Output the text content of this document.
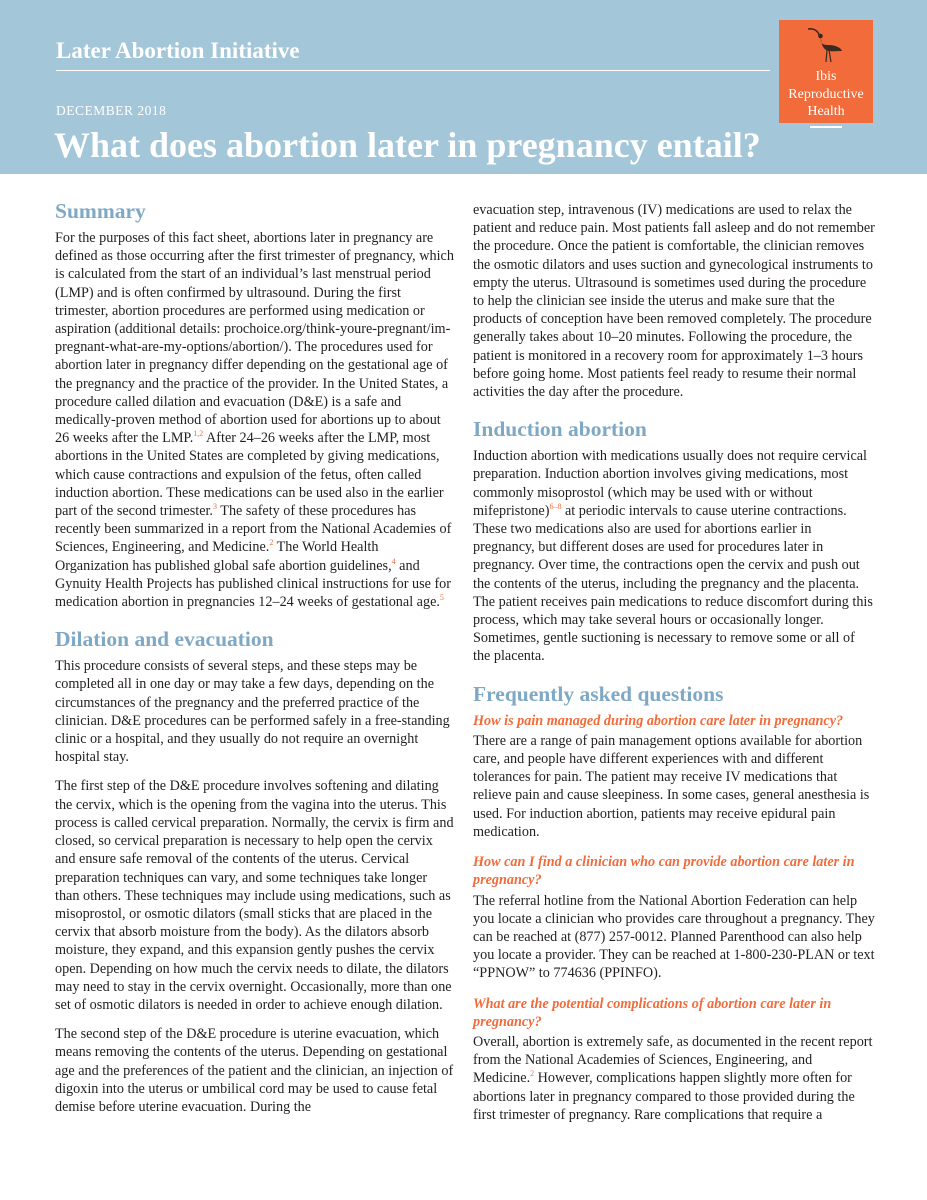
Later Abortion Initiative
DECEMBER 2018
What does abortion later in pregnancy entail?
Ibis
Reproductive
Health
Summary

For the purposes of this fact sheet, abortions later in pregnancy are defined as those occurring after the first trimester of pregnancy, which is calculated from the start of an individual’s last menstrual period (LMP) and is often confirmed by ultrasound. During the first trimester, abortion procedures are performed using medication or aspiration (additional details: prochoice.org/think-youre-pregnant/im-pregnant-what-are-my-options/abortion/). The procedures used for abortion later in pregnancy differ depending on the gestational age of the pregnancy and the practice of the provider. In the United States, a procedure called dilation and evacuation (D&E) is a safe and medically-proven method of abortion used for abortions up to about 26 weeks after the LMP.$^{1,2}$ After 24–26 weeks after the LMP, most abortions in the United States are completed by giving medications, which cause contractions and expulsion of the fetus, often called induction abortion. These medications can be used also in the earlier part of the second trimester.$^3$ The safety of these procedures has recently been summarized in a report from the National Academies of Sciences, Engineering, and Medicine.$^2$ The World Health Organization has published global safe abortion guidelines,$^4$ and Gynuity Health Projects has published clinical instructions for use for medication abortion in pregnancies 12–24 weeks of gestational age.$^5$

Dilation and evacuation

This procedure consists of several steps, and these steps may be completed all in one day or may take a few days, depending on the circumstances of the pregnancy and the preferred practice of the clinician. D&E procedures can be performed safely in a free-standing clinic or a hospital, and they usually do not require an overnight hospital stay.

The first step of the D&E procedure involves softening and dilating the cervix, which is the opening from the vagina into the uterus. This process is called cervical preparation. Normally, the cervix is firm and closed, so cervical preparation is necessary to help open the cervix and ensure safe removal of the contents of the uterus. Cervical preparation techniques can vary, and some techniques take longer than others. These techniques may include using medications, such as misoprostol, or osmotic dilators (small sticks that are placed in the cervix that absorb moisture from the body). As the dilators absorb moisture, they expand, and this expansion gently pushes the cervix open. Depending on how much the cervix needs to dilate, the dilators may need to stay in the cervix overnight. Occasionally, more than one set of osmotic dilators is needed in order to achieve enough dilation.

The second step of the D&E procedure is uterine evacuation, which means removing the contents of the uterus. Depending on gestational age and the preferences of the patient and the clinician, an injection of digoxin into the uterus or umbilical cord may be used to cause fetal demise before uterine evacuation. During the

evacuation step, intravenous (IV) medications are used to relax the patient and reduce pain. Most patients fall asleep and do not remember the procedure. Once the patient is comfortable, the clinician removes the osmotic dilators and uses suction and gynecological instruments to empty the uterus. Ultrasound is sometimes used during the procedure to help the clinician see inside the uterus and make sure that the products of conception have been removed completely. The procedure generally takes about 10–20 minutes. Following the procedure, the patient is monitored in a recovery room for approximately 1–3 hours before going home. Most patients feel ready to resume their normal activities the day after the procedure.

Induction abortion

Induction abortion with medications usually does not require cervical preparation. Induction abortion involves giving medications, most commonly misoprostol (which may be used with or without mifepristone)$^{6-8}$ at periodic intervals to cause uterine contractions. These two medications also are used for abortions earlier in pregnancy, but different doses are used for procedures later in pregnancy. Over time, the contractions open the cervix and push out the contents of the uterus, including the pregnancy and the placenta. The patient receives pain medications to reduce discomfort during this process, which may take several hours or occasionally longer. Sometimes, gentle suctioning is necessary to remove some or all of the placenta.

Frequently asked questions
How is pain managed during abortion care later in pregnancy?

There are a range of pain management options available for abortion care, and people have different experiences with and different tolerances for pain. The patient may receive IV medications that relieve pain and cause sleepiness. In some cases, general anesthesia is used. For induction abortion, patients may receive epidural pain medication.

How can I find a clinician who can provide abortion care later in pregnancy?

The referral hotline from the National Abortion Federation can help you locate a clinician who provides care throughout a pregnancy. They can be reached at (877) 257-0012. Planned Parenthood can also help you locate a provider. They can be reached at 1-800-230-PLAN or text “PPNOW” to 774636 (PPINFO).

What are the potential complications of abortion care later in pregnancy?

Overall, abortion is extremely safe, as documented in the recent report from the National Academies of Sciences, Engineering, and Medicine.$^2$ However, complications happen slightly more often for abortions later in pregnancy compared to those provided during the first trimester of pregnancy. Rare complications that require a
